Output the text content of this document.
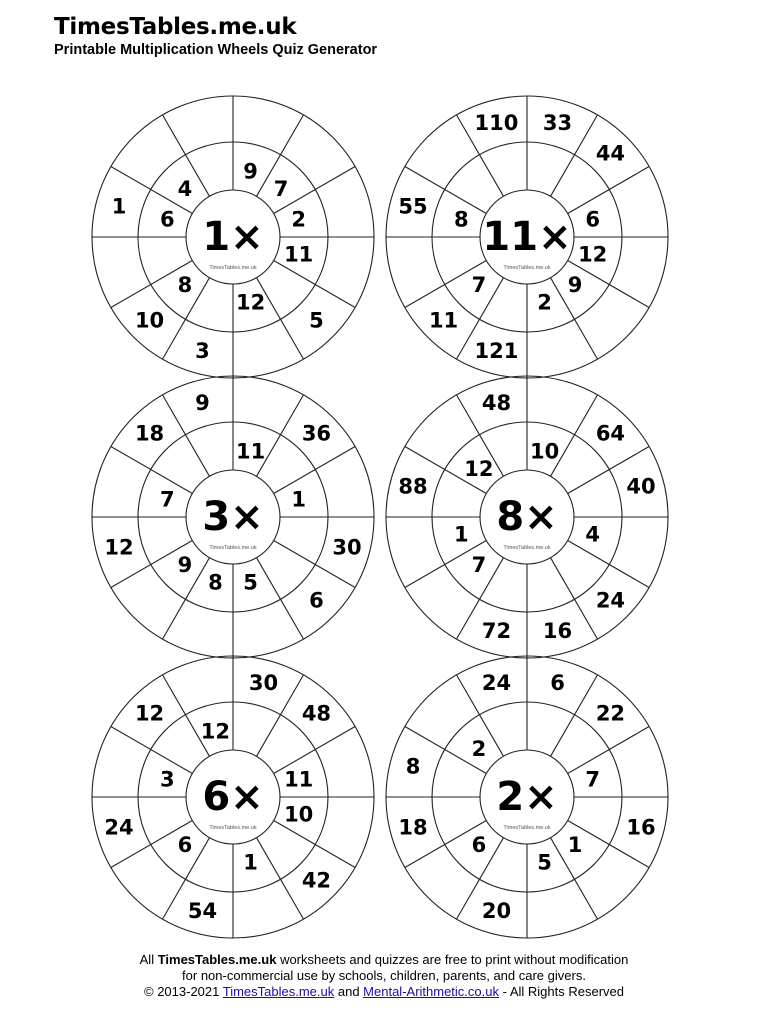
TimesTables.me.uk
Printable Multiplication Wheels Quiz Generator
9
7
2
11
5
12
3
8
10
6
1
4
1×
TimesTables.me.uk
33
44
6
12
9
2
121
7
11
8
55
110
11×
TimesTables.me.uk
11
36
1
30
6
5
8
9
12
7
18
9
3×
TimesTables.me.uk
10
64
40
4
24
16
72
7
1
88
12
48
8×
TimesTables.me.uk
30
48
11
10
42
1
54
6
24
3
12
12
6×
TimesTables.me.uk
6
22
7
16
1
5
20
6
18
8
2
24
2×
TimesTables.me.uk
All TimesTables.me.uk worksheets and quizzes are free to print without modification
for non-commercial use by schools, children, parents, and care givers.
© 2013-2021 TimesTables.me.uk and Mental-Arithmetic.co.uk - All Rights Reserved
